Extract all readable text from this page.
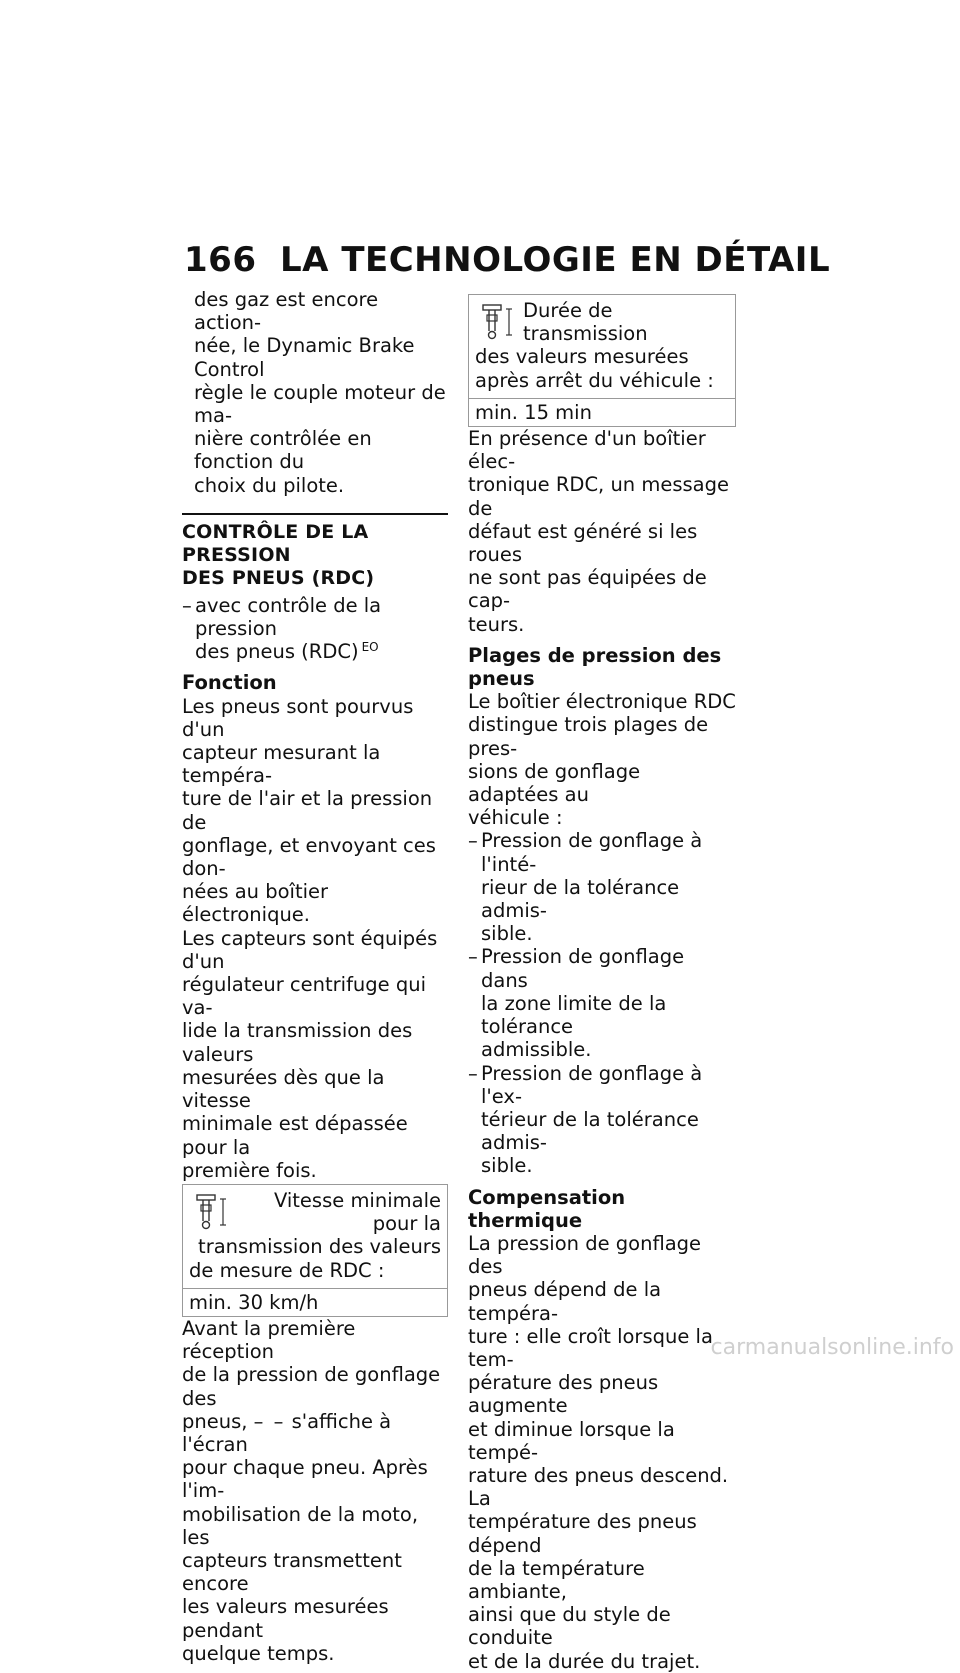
166 LA TECHNOLOGIE EN DÉTAIL

des gaz est encore action-

née, le Dynamic Brake Control

règle le couple moteur de ma-

nière contrôlée en fonction du

choix du pilote.

CONTRÔLE DE LA PRESSION
DES PNEUS (RDC)
– avec contrôle de la pression
des pneus (RDC) $^{EO}$
Fonction

Les pneus sont pourvus d'un

capteur mesurant la tempéra-

ture de l'air et la pression de

gonflage, et envoyant ces don-

nées au boîtier électronique.

Les capteurs sont équipés d'un

régulateur centrifuge qui va-

lide la transmission des valeurs

mesurées dès que la vitesse

minimale est dépassée pour la

première fois.

Vitesse minimale pour la
transmission des valeurs
de mesure de RDC :
min. 30 km/h

Avant la première réception

de la pression de gonflage des

pneus, – – s'affiche à l'écran

pour chaque pneu. Après l'im-

mobilisation de la moto, les

capteurs transmettent encore

les valeurs mesurées pendant

quelque temps.

Durée de transmission
des valeurs mesurées
après arrêt du véhicule :
min. 15 min

En présence d'un boîtier élec-

tronique RDC, un message de

défaut est généré si les roues

ne sont pas équipées de cap-

teurs.

Plages de pression des pneus

Le boîtier électronique RDC

distingue trois plages de pres-

sions de gonflage adaptées au

véhicule :

– Pression de gonflage à l'inté-
rieur de la tolérance admis-
sible.
– Pression de gonflage dans
la zone limite de la tolérance
admissible.
– Pression de gonflage à l'ex-
térieur de la tolérance admis-
sible.
Compensation thermique

La pression de gonflage des

pneus dépend de la tempéra-

ture : elle croît lorsque la tem-

pérature des pneus augmente

et diminue lorsque la tempé-

rature des pneus descend. La

température des pneus dépend

de la température ambiante,

ainsi que du style de conduite

et de la durée du trajet.

carmanualsonline.info
